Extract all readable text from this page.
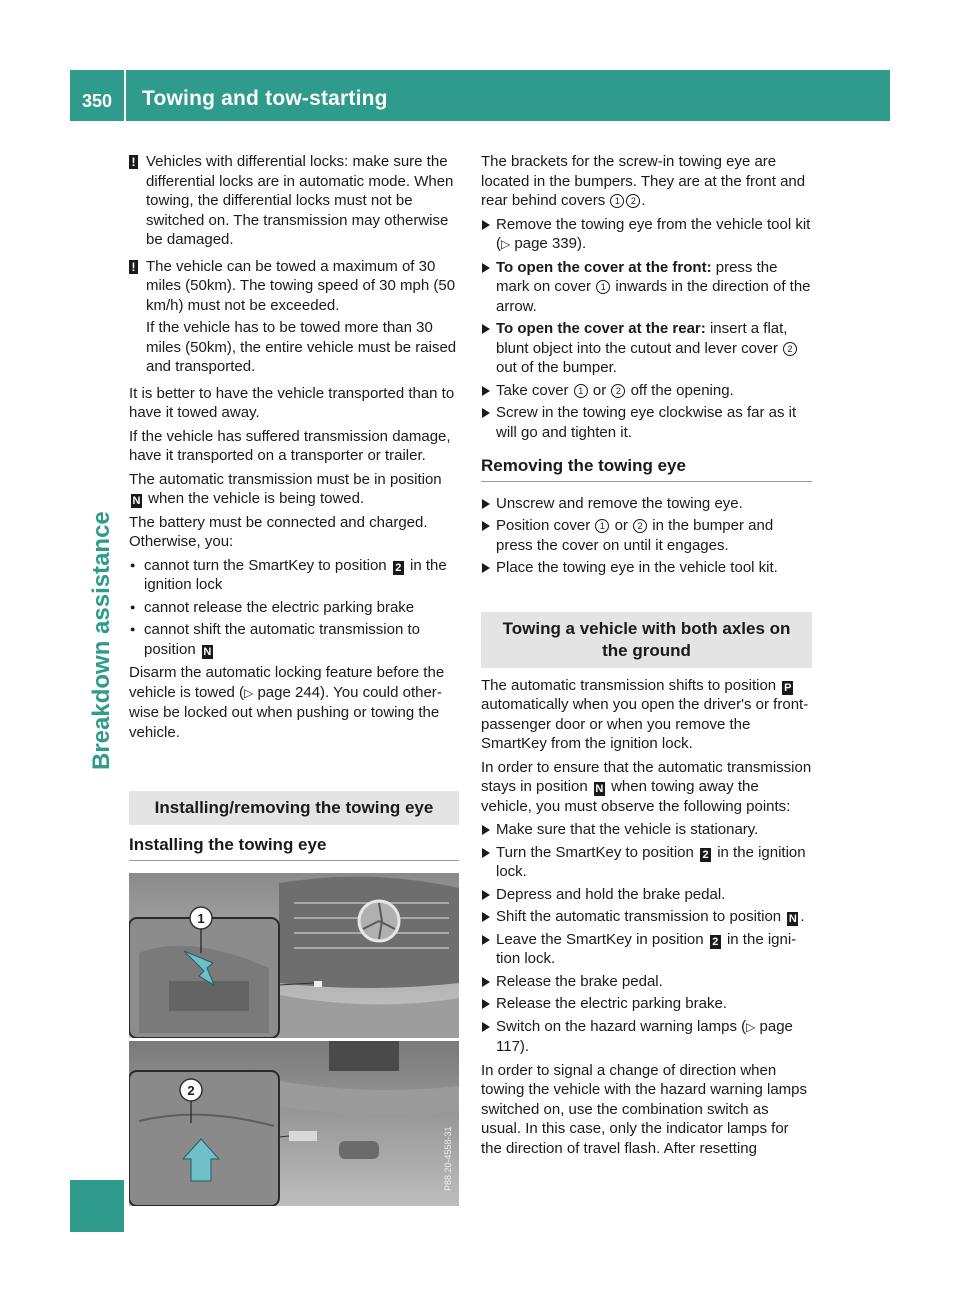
350	Towing and tow-starting
Breakdown assistance
! Vehicles with differential locks: make sure the differential locks are in automatic mode. When towing, the differential locks must not be switched on. The transmission may otherwise be damaged.
! The vehicle can be towed a maximum of 30 miles (50km). The towing speed of 30 mph (50 km/h) must not be exceeded.
If the vehicle has to be towed more than 30 miles (50km), the entire vehicle must be raised and transported.

It is better to have the vehicle transported than to have it towed away.

If the vehicle has suffered transmission damage, have it transported on a transporter or trailer.

The automatic transmission must be in position N when the vehicle is being towed.

The battery must be connected and charged. Otherwise, you:

● cannot turn the SmartKey to position 2 in the ignition lock
● cannot release the electric parking brake
● cannot shift the automatic transmission to position N

Disarm the automatic locking feature before the vehicle is towed (▷ page 244). You could otherwise be locked out when pushing or towing the vehicle.

Installing/removing the towing eye
Installing the towing eye
1
2
P88.20-4558-31

The brackets for the screw-in towing eye are located in the bumpers. They are at the front and rear behind covers 1 2 .

Remove the towing eye from the vehicle tool kit (▷ page 339).
To open the cover at the front: press the mark on cover 1 inwards in the direction of the arrow.
To open the cover at the rear: insert a flat, blunt object into the cutout and lever cover 2 out of the bumper.
Take cover 1 or 2 off the opening.
Screw in the towing eye clockwise as far as it will go and tighten it.
Removing the towing eye
Unscrew and remove the towing eye.
Position cover 1 or 2 in the bumper and press the cover on until it engages.
Place the towing eye in the vehicle tool kit.
Towing a vehicle with both axles on the ground

The automatic transmission shifts to position P automatically when you open the driver's or front-passenger door or when you remove the SmartKey from the ignition lock.

In order to ensure that the automatic transmission stays in position N when towing away the vehicle, you must observe the following points:

Make sure that the vehicle is stationary.
Turn the SmartKey to position 2 in the ignition lock.
Depress and hold the brake pedal.
Shift the automatic transmission to position N .
Leave the SmartKey in position 2 in the ignition lock.
Release the brake pedal.
Release the electric parking brake.
Switch on the hazard warning lamps (▷ page 117).

In order to signal a change of direction when towing the vehicle with the hazard warning lamps switched on, use the combination switch as usual. In this case, only the indicator lamps for the direction of travel flash. After resetting
